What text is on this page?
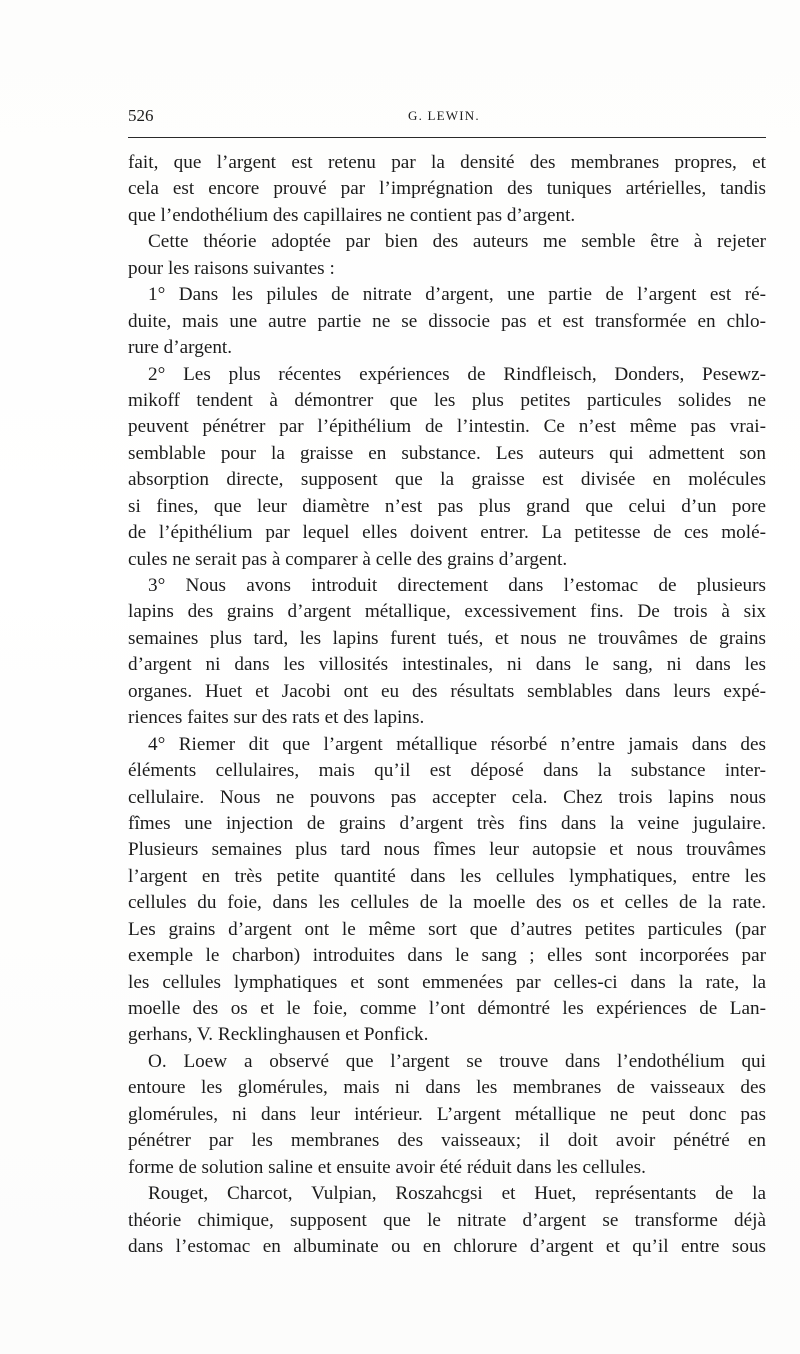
526	G. LEWIN.
fait, que l’argent est retenu par la densité des membranes propres, et
cela est encore prouvé par l’imprégnation des tuniques artérielles, tandis
que l’endothélium des capillaires ne contient pas d’argent.
Cette théorie adoptée par bien des auteurs me semble être à rejeter
pour les raisons suivantes :
1° Dans les pilules de nitrate d’argent, une partie de l’argent est ré-
duite, mais une autre partie ne se dissocie pas et est transformée en chlo-
rure d’argent.
2° Les plus récentes expériences de Rindfleisch, Donders, Pesewz-
mikoff tendent à démontrer que les plus petites particules solides ne
peuvent pénétrer par l’épithélium de l’intestin. Ce n’est même pas vrai-
semblable pour la graisse en substance. Les auteurs qui admettent son
absorption directe, supposent que la graisse est divisée en molécules
si fines, que leur diamètre n’est pas plus grand que celui d’un pore
de l’épithélium par lequel elles doivent entrer. La petitesse de ces molé-
cules ne serait pas à comparer à celle des grains d’argent.
3° Nous avons introduit directement dans l’estomac de plusieurs
lapins des grains d’argent métallique, excessivement fins. De trois à six
semaines plus tard, les lapins furent tués, et nous ne trouvâmes de grains
d’argent ni dans les villosités intestinales, ni dans le sang, ni dans les
organes. Huet et Jacobi ont eu des résultats semblables dans leurs expé-
riences faites sur des rats et des lapins.
4° Riemer dit que l’argent métallique résorbé n’entre jamais dans des
éléments cellulaires, mais qu’il est déposé dans la substance inter-
cellulaire. Nous ne pouvons pas accepter cela. Chez trois lapins nous
fîmes une injection de grains d’argent très fins dans la veine jugulaire.
Plusieurs semaines plus tard nous fîmes leur autopsie et nous trouvâmes
l’argent en très petite quantité dans les cellules lymphatiques, entre les
cellules du foie, dans les cellules de la moelle des os et celles de la rate.
Les grains d’argent ont le même sort que d’autres petites particules (par
exemple le charbon) introduites dans le sang ; elles sont incorporées par
les cellules lymphatiques et sont emmenées par celles-ci dans la rate, la
moelle des os et le foie, comme l’ont démontré les expériences de Lan-
gerhans, V. Recklinghausen et Ponfick.
O. Loew a observé que l’argent se trouve dans l’endothélium qui
entoure les glomérules, mais ni dans les membranes de vaisseaux des
glomérules, ni dans leur intérieur. L’argent métallique ne peut donc pas
pénétrer par les membranes des vaisseaux; il doit avoir pénétré en
forme de solution saline et ensuite avoir été réduit dans les cellules.
Rouget, Charcot, Vulpian, Roszahcgsi et Huet, représentants de la
théorie chimique, supposent que le nitrate d’argent se transforme déjà
dans l’estomac en albuminate ou en chlorure d’argent et qu’il entre sous
